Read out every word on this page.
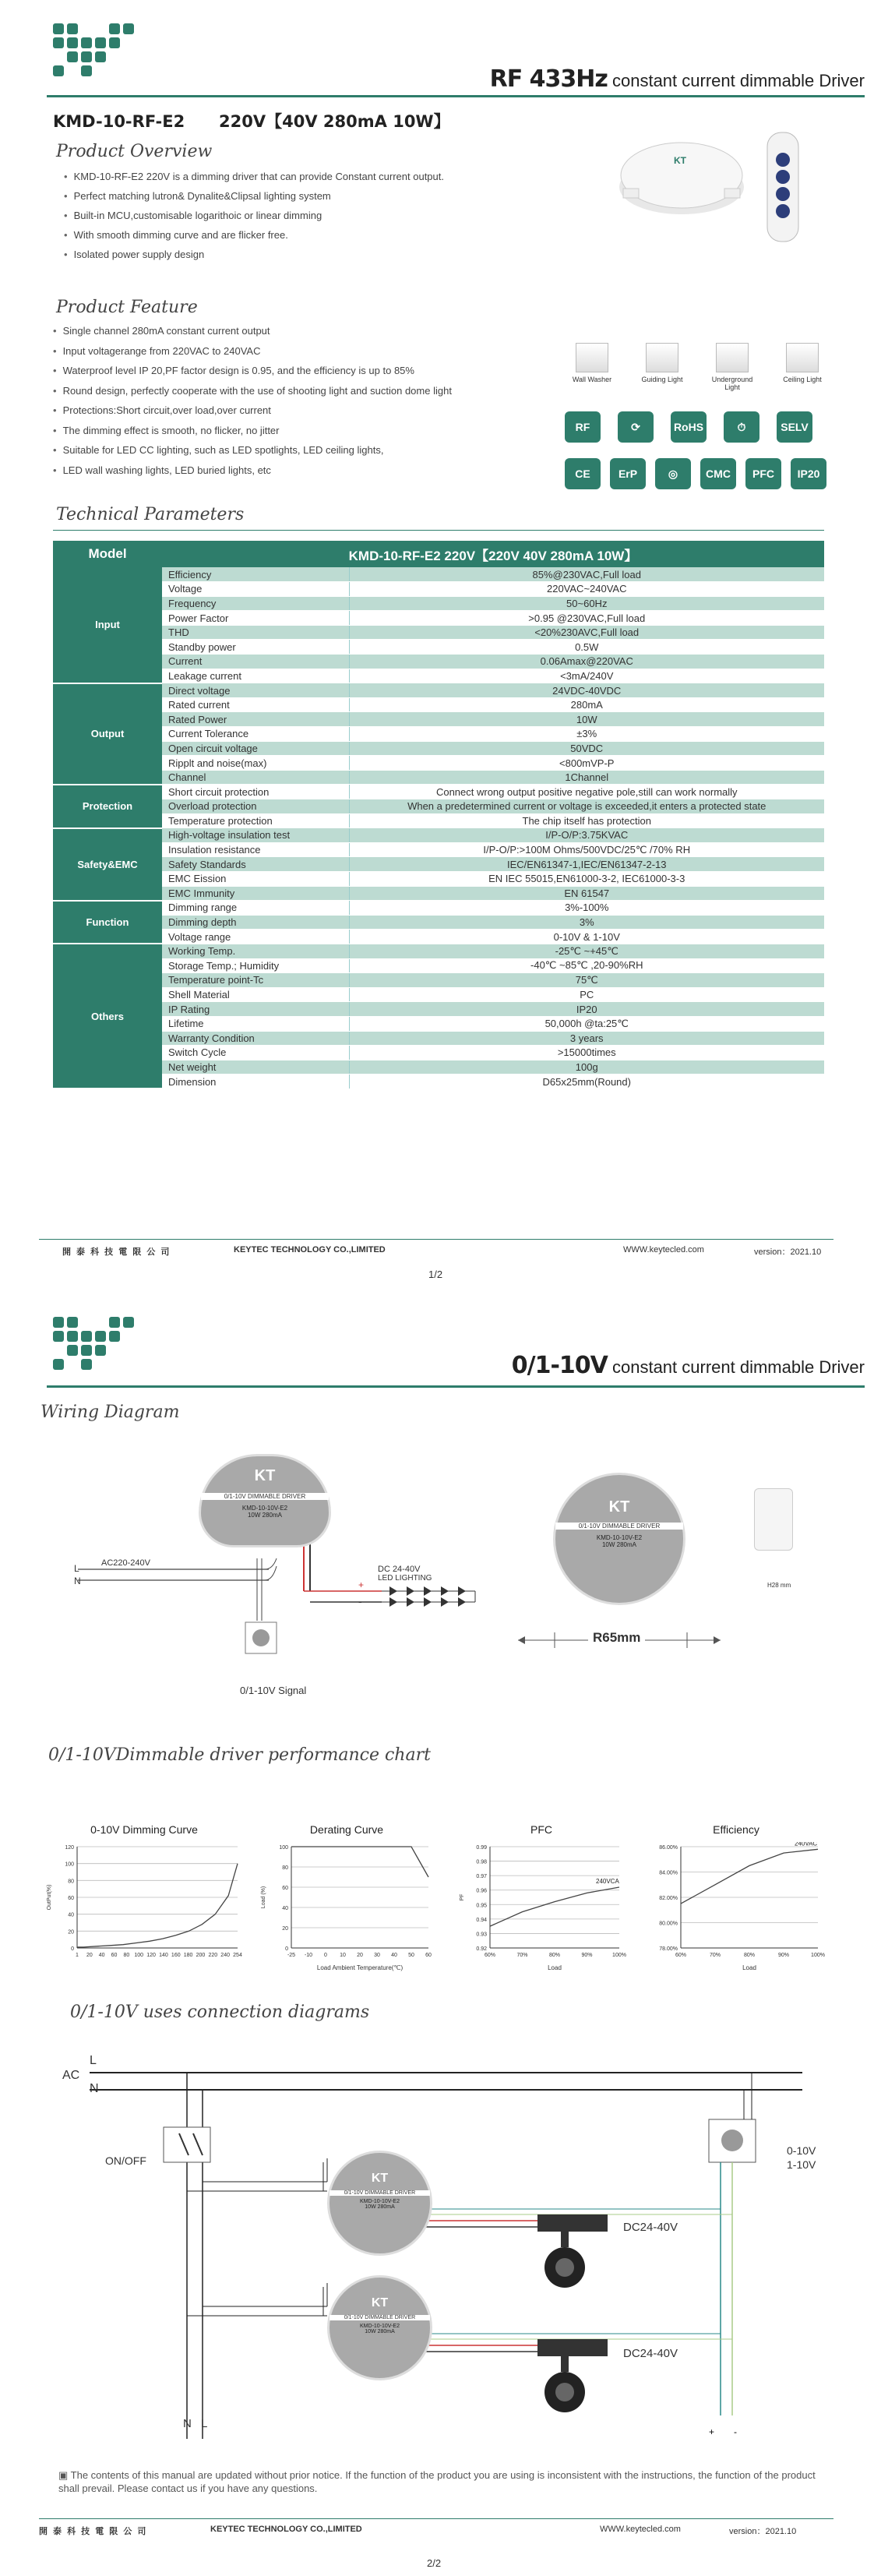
RF 433Hz constant current dimmable Driver
KMD-10-RF-E2      220V【40V 280mA 10W】
Product Overview
• KMD-10-RF-E2 220V is a dimming driver that can provide Constant current output.
• Perfect matching lutron& Dynalite&Clipsal lighting system
• Built-in MCU,customisable logarithoic or linear dimming
• With smooth dimming curve and are flicker free.
• Isolated power supply design
KT
Product Feature
• Single channel 280mA constant current output
• Input voltagerange from 220VAC to 240VAC
• Waterproof level IP 20,PF factor design is 0.95, and the efficiency is up to 85%
• Round design, perfectly cooperate with the use of shooting light and suction dome light
• Protections:Short circuit,over load,over current
• The dimming effect is smooth, no flicker, no jitter
• Suitable for LED CC lighting, such as LED spotlights, LED ceiling lights,
• LED wall washing lights, LED buried lights, etc
Wall Washer	Guiding Light	Underground Light
Ceiling Light
RF	⟳	RoHS	⏱	SELV
CE	ErP	◎	CMC	PFC	IP20
Technical Parameters
Model	KMD-10-RF-E2 220V【220V 40V 280mA 10W】	
Input	Efficiency	85%@230VAC,Full load
	Voltage	220VAC~240VAC
	Frequency	50~60Hz
	Power Factor	>0.95 @230VAC,Full load
	THD	<20%230AVC,Full load
	Standby power	0.5W
	Current	0.06Amax@220VAC
	Leakage current	<3mA/240V
Output	Direct voltage	24VDC-40VDC
	Rated current	280mA
	Rated Power	10W
	Current Tolerance	±3%
	Open circuit voltage	50VDC
	Ripplt and noise(max)	<800mVP-P
	Channel	1Channel
Protection	Short circuit protection	Connect wrong output positive negative pole,still can work normally
	Overload protection	When a predetermined current or voltage is exceeded,it enters a protected state
	Temperature protection	The chip itself has protection
Safety&EMC	High-voltage insulation test	I/P-O/P:3.75KVAC
	Insulation resistance	I/P-O/P:>100M Ohms/500VDC/25℃ /70% RH
	Safety Standards	IEC/EN61347-1,IEC/EN61347-2-13
	EMC Eission	EN IEC 55015,EN61000-3-2, IEC61000-3-3
	EMC Immunity	EN 61547
Function	Dimming range	3%-100%
	Dimming depth	3%
	Voltage range	0-10V & 1-10V
Others	Working Temp.	-25℃ ~+45℃
	Storage Temp.; Humidity	-40℃ ~85℃ ,20-90%RH
	Temperature point-Tc	75℃
	Shell Material	PC
	IP Rating	IP20
	Lifetime	50,000h @ta:25℃
	Warranty Condition	3 years
	Switch Cycle	>15000times
	Net weight	100g
	Dimension	D65x25mm(Round)
開 泰 科 技 電 限 公 司	KEYTEC TECHNOLOGY CO.,LIMITED	WWW.keytecled.com	version：2021.10
1/2
0/1-10V constant current dimmable Driver
Wiring Diagram
+
-
KT
0/1-10V DIMMABLE DRIVER
KMD-10-10V-E2
10W 280mA
AC220-240V
L
N
DC 24-40V
LED LIGHTING
0/1-10V Signal
KT
0/1-10V DIMMABLE DRIVER
KMD-10-10V-E2
10W 280mA
R65mm
H28 mm
0/1-10VDimmable driver performance chart
0-10V Dimming Curve
0
20
40
60
80
100
120
1 20 40 60 80 100 120 140 160 180 200 220 240 254
OutPut(%)
Derating Curve
0
20
40
60
80
100
-25 -10 0 10 20 30 40 50 60
Load (%)
Load Ambient Temperature(℃)
PFC
0.92
0.93
0.94
0.95
0.96
0.97
0.98
0.99
60%	70%	80%	90%	100%
240VCA
PF
Load
Efficiency
78.00%
80.00%
82.00%
84.00%
86.00%
60%	70%	80%	90%	100%
240VAC
Load
0/1-10V uses connection diagrams
+ -
KT
0/1-10V DIMMABLE DRIVER
KMD-10-10V-E2
10W 280mA
KT
0/1-10V DIMMABLE DRIVER
KMD-10-10V-E2
10W 280mA
L
AC
N
ON/OFF
0-10V
1-10V
DC24-40V
DC24-40V
N L
▣ The contents of this manual are updated without prior notice. If the function of the product you are using is inconsistent with the instructions, the function of the product shall prevail. Please contact us if you have any questions.
開 泰 科 技 電 限 公 司	KEYTEC TECHNOLOGY CO.,LIMITED	WWW.keytecled.com	version：2021.10
2/2
